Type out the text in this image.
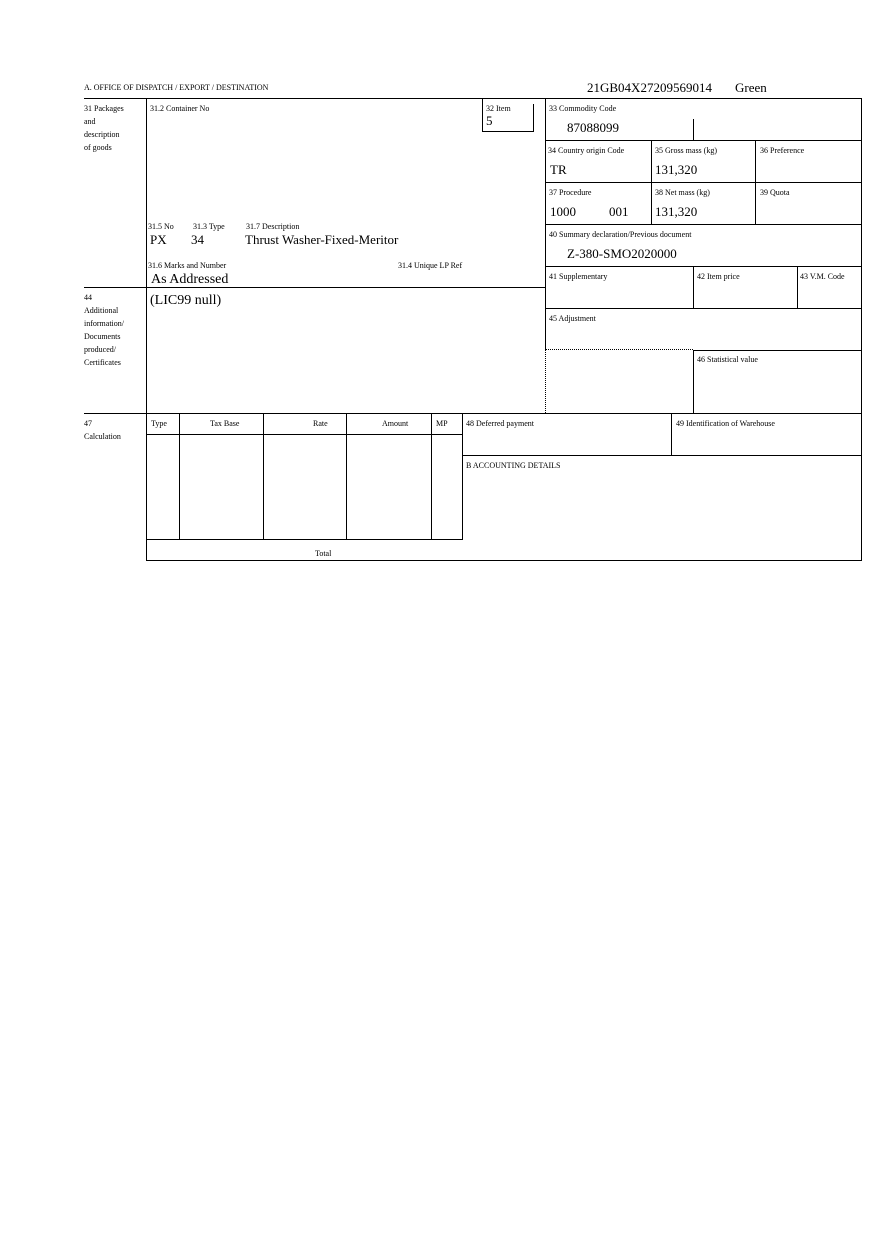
A. OFFICE OF DISPATCH / EXPORT / DESTINATION	21GB04X27209569014 Green
31 Packages
and
description
of goods
31.2 Container No
31.5 No 31.3 Type	31.7 Description
PX 34	Thrust Washer-Fixed-Meritor
31.6 Marks and Number	31.4 Unique LP Ref
As Addressed
32 Item
5
33 Commodity Code
87088099
34 Country origin Code
TR
35 Gross mass (kg)
131,320
36 Preference
37 Procedure
1000	001
38 Net mass (kg)
131,320
39 Quota
40 Summary declaration/Previous document
Z-380-SMO2020000
41 Supplementary	42 Item price	43 V.M. Code
44
Additional
information/
Documents
produced/
Certificates
(LIC99 null)
45 Adjustment
46 Statistical value
47
Calculation
Type	Tax Base	Rate	Amount	MP
Total
48 Deferred payment	49 Identification of Warehouse
B ACCOUNTING DETAILS
